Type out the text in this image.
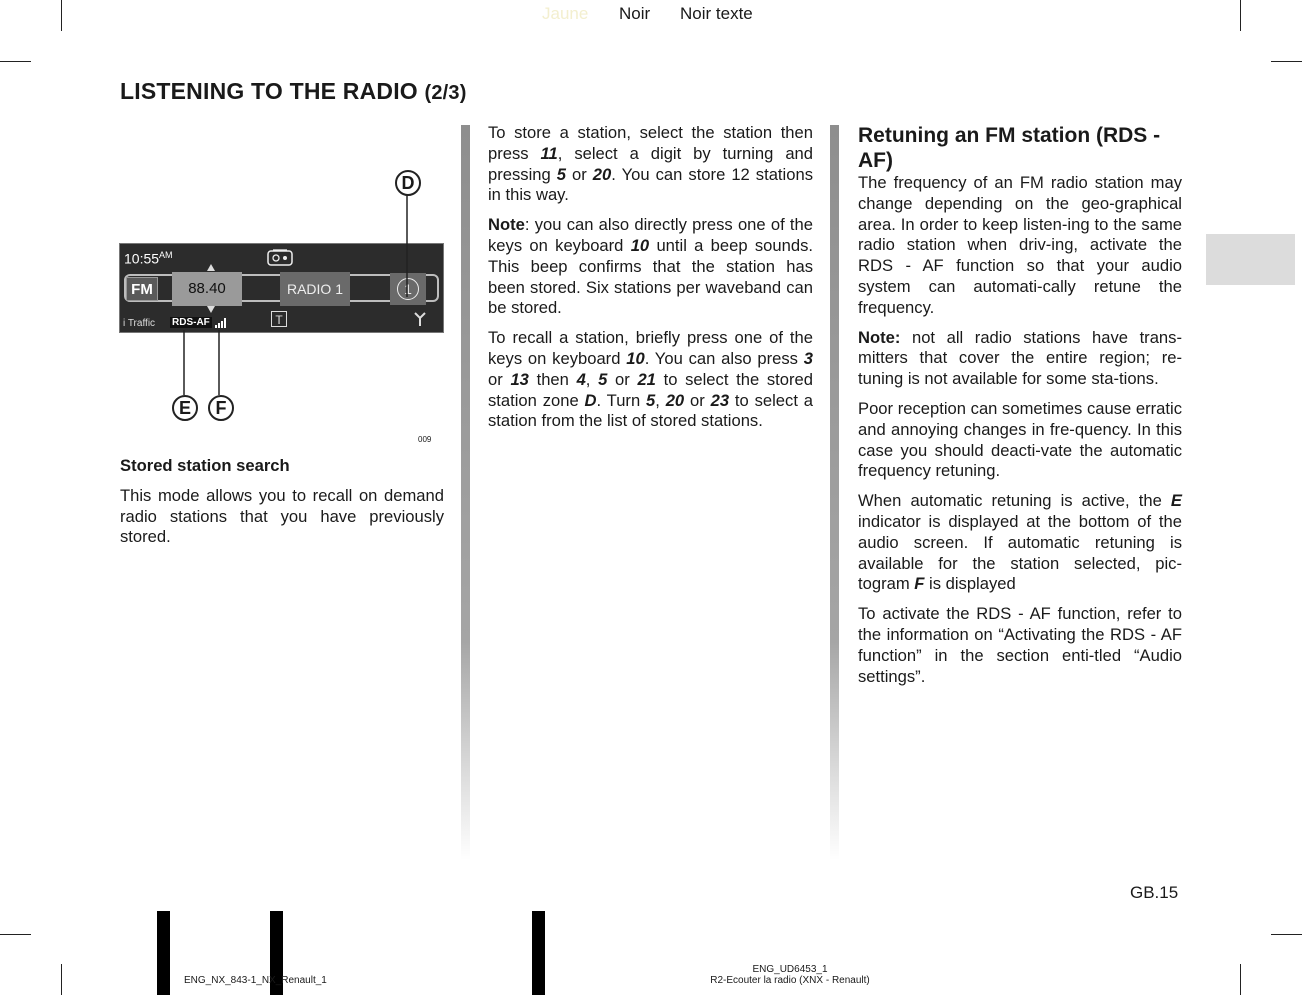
Jaune Noir Noir texte
LISTENING TO THE RADIO (2/3)
$10:55^{AM}$
FM	88.40	RADIO 1	1
T
i Traffic RDS-AF
D
E	F
009

Stored station search

This mode allows you to recall on demand radio stations that you have previously stored.

To store a station, select the station then press 11, select a digit by turning and pressing 5 or 20. You can store 12 stations in this way.

Note: you can also directly press one of the keys on keyboard 10 until a beep sounds. This beep confirms that the station has been stored. Six stations per waveband can be stored.

To recall a station, briefly press one of the keys on keyboard 10. You can also press 3 or 13 then 4, 5 or 21 to select the stored station zone D. Turn 5, 20 or 23 to select a station from the list of stored stations.

Retuning an FM station (RDS - AF)

The frequency of an FM radio station may change depending on the geo-graphical area. In order to keep listen-ing to the same radio station when driv-ing, activate the RDS - AF function so that your audio system can automati-cally retune the frequency.

Note: not all radio stations have trans-mitters that cover the entire region; re-tuning is not available for some sta-tions.

Poor reception can sometimes cause erratic and annoying changes in fre-quency. In this case you should deacti-vate the automatic frequency retuning.

When automatic retuning is active, the E indicator is displayed at the bottom of the audio screen. If automatic retuning is available for the station selected, pic-togram F is displayed

To activate the RDS - AF function, refer to the information on “Activating the RDS - AF function” in the section enti-tled “Audio settings”.

GB.15
ENG_NX_843-1_NX_Renault_1
ENG_UD6453_1
R2-Ecouter la radio (XNX - Renault)
